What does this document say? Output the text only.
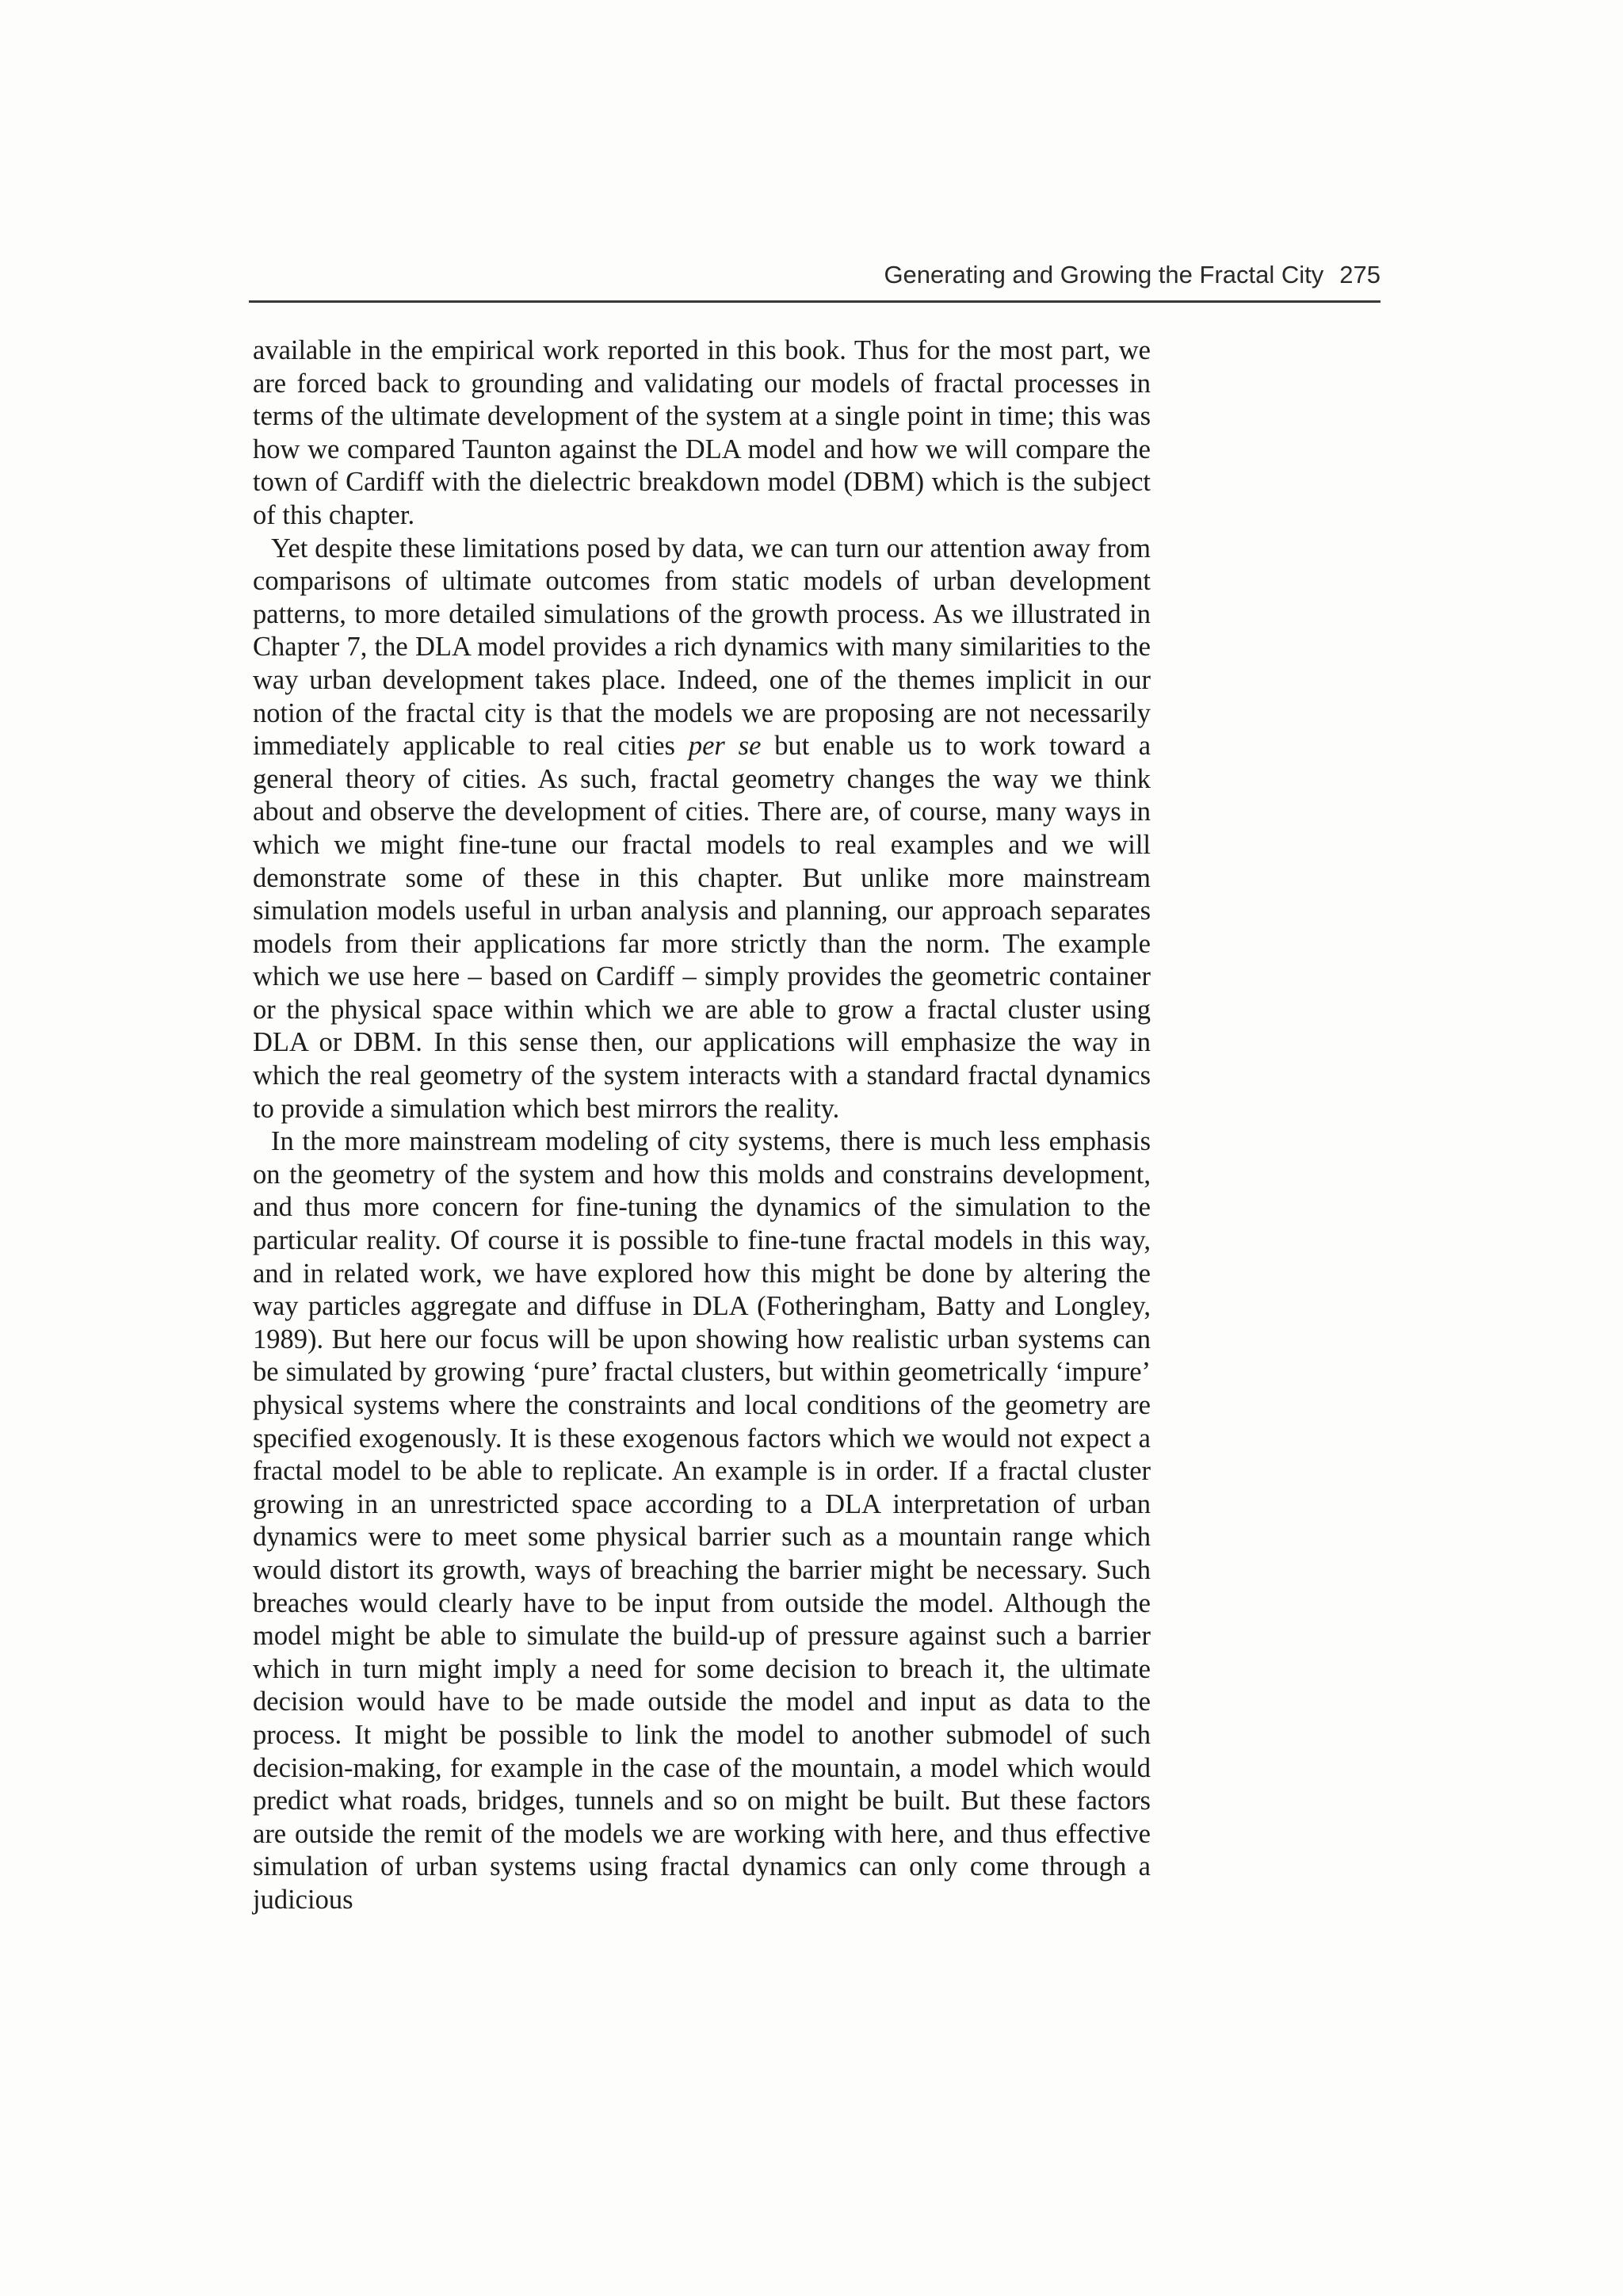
Generating and Growing the Fractal City 275

available in the empirical work reported in this book. Thus for the most part, we are forced back to grounding and validating our models of fractal processes in terms of the ultimate development of the system at a single point in time; this was how we compared Taunton against the DLA model and how we will compare the town of Cardiff with the dielectric breakdown model (DBM) which is the subject of this chapter.

Yet despite these limitations posed by data, we can turn our attention away from comparisons of ultimate outcomes from static models of urban development patterns, to more detailed simulations of the growth process. As we illustrated in Chapter 7, the DLA model provides a rich dynamics with many similarities to the way urban development takes place. Indeed, one of the themes implicit in our notion of the fractal city is that the models we are proposing are not necessarily immediately applicable to real cities per se but enable us to work toward a general theory of cities. As such, fractal geometry changes the way we think about and observe the development of cities. There are, of course, many ways in which we might fine-tune our fractal models to real examples and we will demonstrate some of these in this chapter. But unlike more mainstream simulation models useful in urban analysis and planning, our approach separates models from their applications far more strictly than the norm. The example which we use here – based on Cardiff – simply provides the geometric container or the physical space within which we are able to grow a fractal cluster using DLA or DBM. In this sense then, our applications will emphasize the way in which the real geometry of the system interacts with a standard fractal dynamics to provide a simulation which best mirrors the reality.

In the more mainstream modeling of city systems, there is much less emphasis on the geometry of the system and how this molds and constrains development, and thus more concern for fine-tuning the dynamics of the simulation to the particular reality. Of course it is possible to fine-tune fractal models in this way, and in related work, we have explored how this might be done by altering the way particles aggregate and diffuse in DLA (Fotheringham, Batty and Longley, 1989). But here our focus will be upon showing how realistic urban systems can be simulated by growing ‘pure’ fractal clusters, but within geometrically ‘impure’ physical systems where the constraints and local conditions of the geometry are specified exogenously. It is these exogenous factors which we would not expect a fractal model to be able to replicate. An example is in order. If a fractal cluster growing in an unrestricted space according to a DLA interpretation of urban dynamics were to meet some physical barrier such as a mountain range which would distort its growth, ways of breaching the barrier might be necessary. Such breaches would clearly have to be input from outside the model. Although the model might be able to simulate the build-up of pressure against such a barrier which in turn might imply a need for some decision to breach it, the ultimate decision would have to be made outside the model and input as data to the process. It might be possible to link the model to another submodel of such decision-making, for example in the case of the mountain, a model which would predict what roads, bridges, tunnels and so on might be built. But these factors are outside the remit of the models we are working with here, and thus effective simulation of urban systems using fractal dynamics can only come through a judicious
